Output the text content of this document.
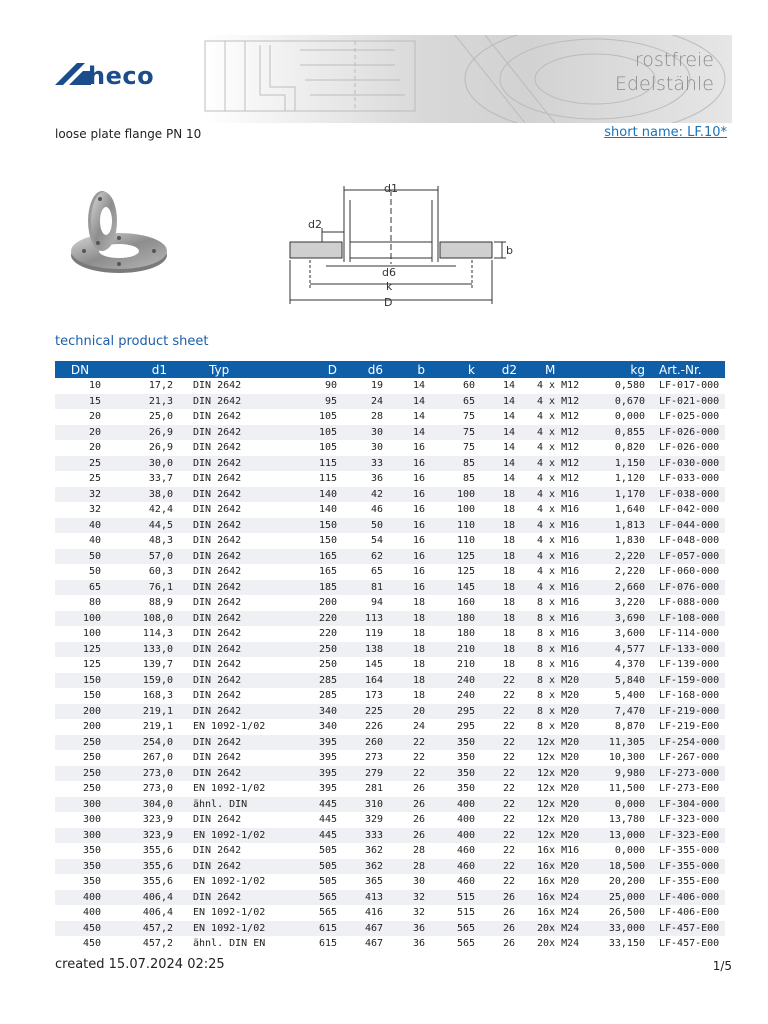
heco
rostfreie
Edelstähle
loose plate flange PN 10	short name: LF.10*
d1
d2
b
d6
k
D
technical product sheet
DN	d1	Typ	D	d6	b	k	d2	M	kg	Art.-Nr.
10	17,2	DIN 2642	90	19	14	60	14	4 x M12	0,580	LF-017-000
15	21,3	DIN 2642	95	24	14	65	14	4 x M12	0,670	LF-021-000
20	25,0	DIN 2642	105	28	14	75	14	4 x M12	0,000	LF-025-000
20	26,9	DIN 2642	105	30	14	75	14	4 x M12	0,855	LF-026-000
20	26,9	DIN 2642	105	30	16	75	14	4 x M12	0,820	LF-026-000
25	30,0	DIN 2642	115	33	16	85	14	4 x M12	1,150	LF-030-000
25	33,7	DIN 2642	115	36	16	85	14	4 x M12	1,120	LF-033-000
32	38,0	DIN 2642	140	42	16	100	18	4 x M16	1,170	LF-038-000
32	42,4	DIN 2642	140	46	16	100	18	4 x M16	1,640	LF-042-000
40	44,5	DIN 2642	150	50	16	110	18	4 x M16	1,813	LF-044-000
40	48,3	DIN 2642	150	54	16	110	18	4 x M16	1,830	LF-048-000
50	57,0	DIN 2642	165	62	16	125	18	4 x M16	2,220	LF-057-000
50	60,3	DIN 2642	165	65	16	125	18	4 x M16	2,220	LF-060-000
65	76,1	DIN 2642	185	81	16	145	18	4 x M16	2,660	LF-076-000
80	88,9	DIN 2642	200	94	18	160	18	8 x M16	3,220	LF-088-000
100	108,0	DIN 2642	220	113	18	180	18	8 x M16	3,690	LF-108-000
100	114,3	DIN 2642	220	119	18	180	18	8 x M16	3,600	LF-114-000
125	133,0	DIN 2642	250	138	18	210	18	8 x M16	4,577	LF-133-000
125	139,7	DIN 2642	250	145	18	210	18	8 x M16	4,370	LF-139-000
150	159,0	DIN 2642	285	164	18	240	22	8 x M20	5,840	LF-159-000
150	168,3	DIN 2642	285	173	18	240	22	8 x M20	5,400	LF-168-000
200	219,1	DIN 2642	340	225	20	295	22	8 x M20	7,470	LF-219-000
200	219,1	EN 1092-1/02	340	226	24	295	22	8 x M20	8,870	LF-219-E00
250	254,0	DIN 2642	395	260	22	350	22	12x M20	11,305	LF-254-000
250	267,0	DIN 2642	395	273	22	350	22	12x M20	10,300	LF-267-000
250	273,0	DIN 2642	395	279	22	350	22	12x M20	9,980	LF-273-000
250	273,0	EN 1092-1/02	395	281	26	350	22	12x M20	11,500	LF-273-E00
300	304,0	ähnl. DIN	445	310	26	400	22	12x M20	0,000	LF-304-000
300	323,9	DIN 2642	445	329	26	400	22	12x M20	13,780	LF-323-000
300	323,9	EN 1092-1/02	445	333	26	400	22	12x M20	13,000	LF-323-E00
350	355,6	DIN 2642	505	362	28	460	22	16x M16	0,000	LF-355-000
350	355,6	DIN 2642	505	362	28	460	22	16x M20	18,500	LF-355-000
350	355,6	EN 1092-1/02	505	365	30	460	22	16x M20	20,200	LF-355-E00
400	406,4	DIN 2642	565	413	32	515	26	16x M24	25,000	LF-406-000
400	406,4	EN 1092-1/02	565	416	32	515	26	16x M24	26,500	LF-406-E00
450	457,2	EN 1092-1/02	615	467	36	565	26	20x M24	33,000	LF-457-E00
450	457,2	ähnl. DIN EN	615	467	36	565	26	20x M24	33,150	LF-457-E00
created 15.07.2024 02:25	1/5
